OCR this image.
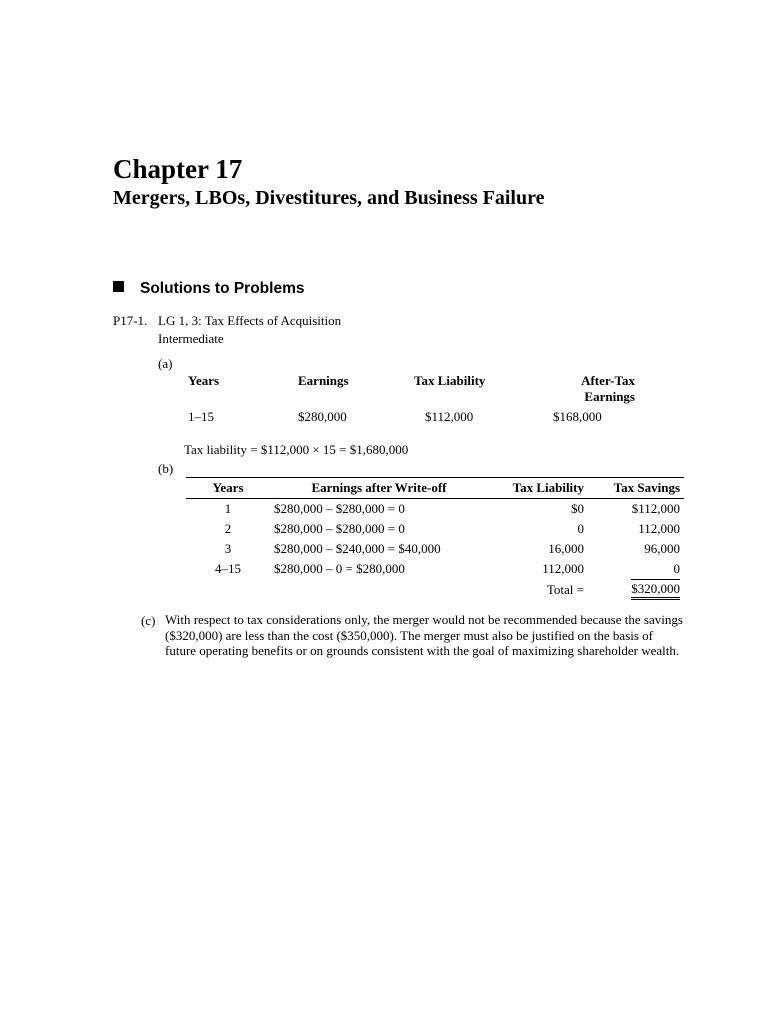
Chapter 17
Mergers, LBOs, Divestitures, and Business Failure
Solutions to Problems
P17-1. LG 1, 3: Tax Effects of Acquisition
Intermediate
(a)
Years	Earnings	Tax Liability	After-Tax
Earnings
1–15	$280,000	$112,000	$168,000
Tax liability = $112,000 × 15 = $1,680,000
(b)
Years	Earnings after Write-off	Tax Liability	Tax Savings
1	$280,000 – $280,000 = 0	$0	$112,000
2	$280,000 – $280,000 = 0	0	112,000
3	$280,000 – $240,000 = $40,000	16,000	96,000
4–15	$280,000 – 0 = $280,000	112,000	0
		Total =	$320,000
(c) With respect to tax considerations only, the merger would not be recommended because the savings ($320,000) are less than the cost ($350,000). The merger must also be justified on the basis of future operating benefits or on grounds consistent with the goal of maximizing shareholder wealth.
